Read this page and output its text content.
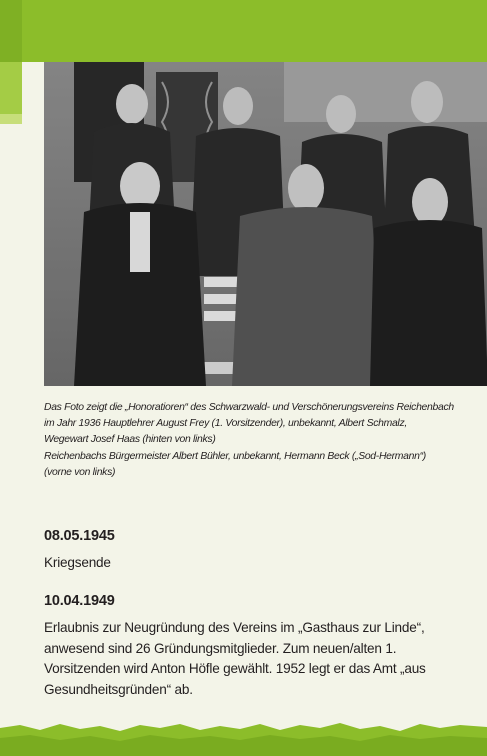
Das Foto zeigt die „Honoratioren“ des Schwarzwald- und Verschönerungsvereins Reichenbach
im Jahr 1936 Hauptlehrer August Frey (1. Vorsitzender), unbekannt, Albert Schmalz,
Wegewart Josef Haas (hinten von links)
Reichenbachs Bürgermeister Albert Bühler, unbekannt, Hermann Beck („Sod-Hermann“)
(vorne von links)
08.05.1945
Kriegsende
10.04.1949
Erlaubnis zur Neugründung des Vereins im „Gasthaus zur Linde“,
anwesend sind 26 Gründungsmitglieder. Zum neuen/alten 1.
Vorsitzenden wird Anton Höfle gewählt. 1952 legt er das Amt „aus
Gesundheitsgründen“ ab.
